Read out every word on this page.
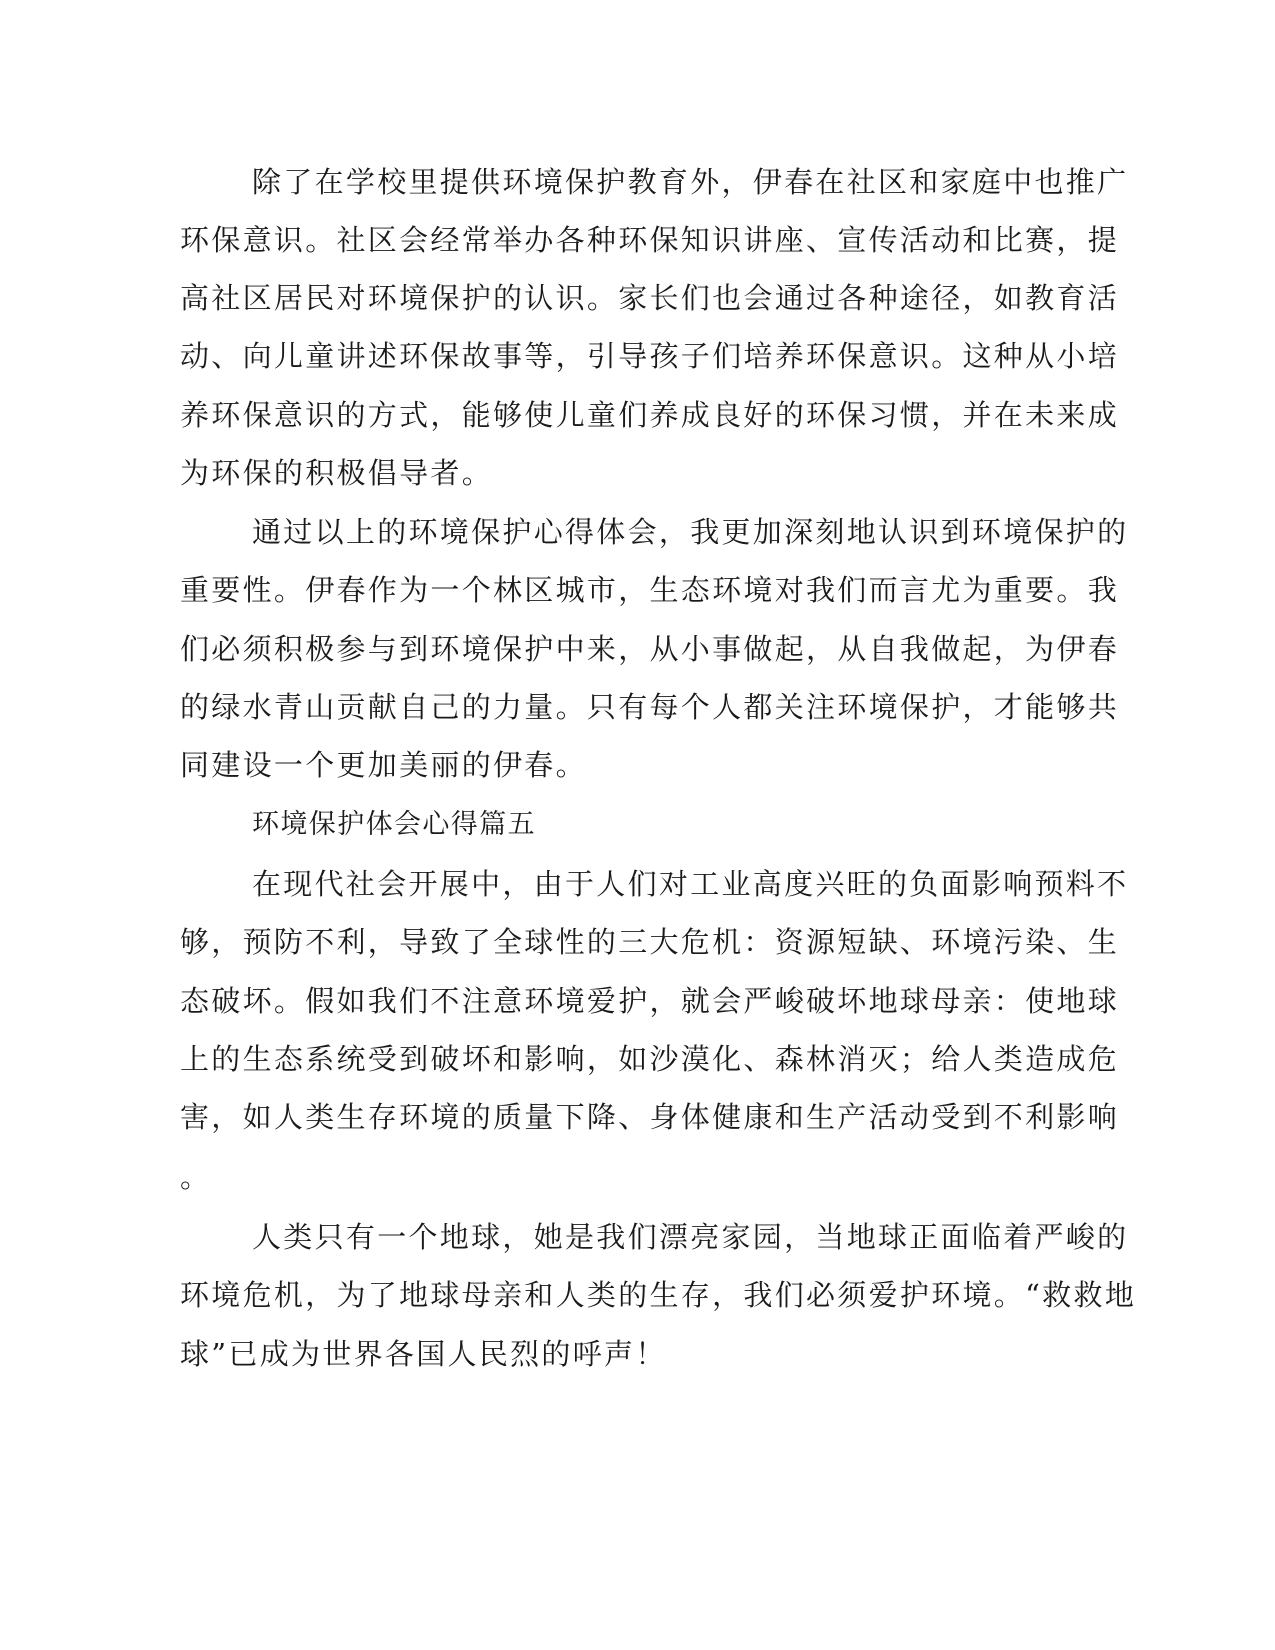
除了在学校里提供环境保护教育外，伊春在社区和家庭中也推广
环保意识。社区会经常举办各种环保知识讲座、宣传活动和比赛，提
高社区居民对环境保护的认识。家长们也会通过各种途径，如教育活
动、向儿童讲述环保故事等，引导孩子们培养环保意识。这种从小培
养环保意识的方式，能够使儿童们养成良好的环保习惯，并在未来成
为环保的积极倡导者。
通过以上的环境保护心得体会，我更加深刻地认识到环境保护的
重要性。伊春作为一个林区城市，生态环境对我们而言尤为重要。我
们必须积极参与到环境保护中来，从小事做起，从自我做起，为伊春
的绿水青山贡献自己的力量。只有每个人都关注环境保护，才能够共
同建设一个更加美丽的伊春。
环境保护体会心得篇五
在现代社会开展中，由于人们对工业高度兴旺的负面影响预料不
够，预防不利，导致了全球性的三大危机：资源短缺、环境污染、生
态破坏。假如我们不注意环境爱护，就会严峻破坏地球母亲：使地球
上的生态系统受到破坏和影响，如沙漠化、森林消灭；给人类造成危
害，如人类生存环境的质量下降、身体健康和生产活动受到不利影响
。
人类只有一个地球，她是我们漂亮家园，当地球正面临着严峻的
环境危机，为了地球母亲和人类的生存，我们必须爱护环境。“救救地
球”已成为世界各国人民烈的呼声！
